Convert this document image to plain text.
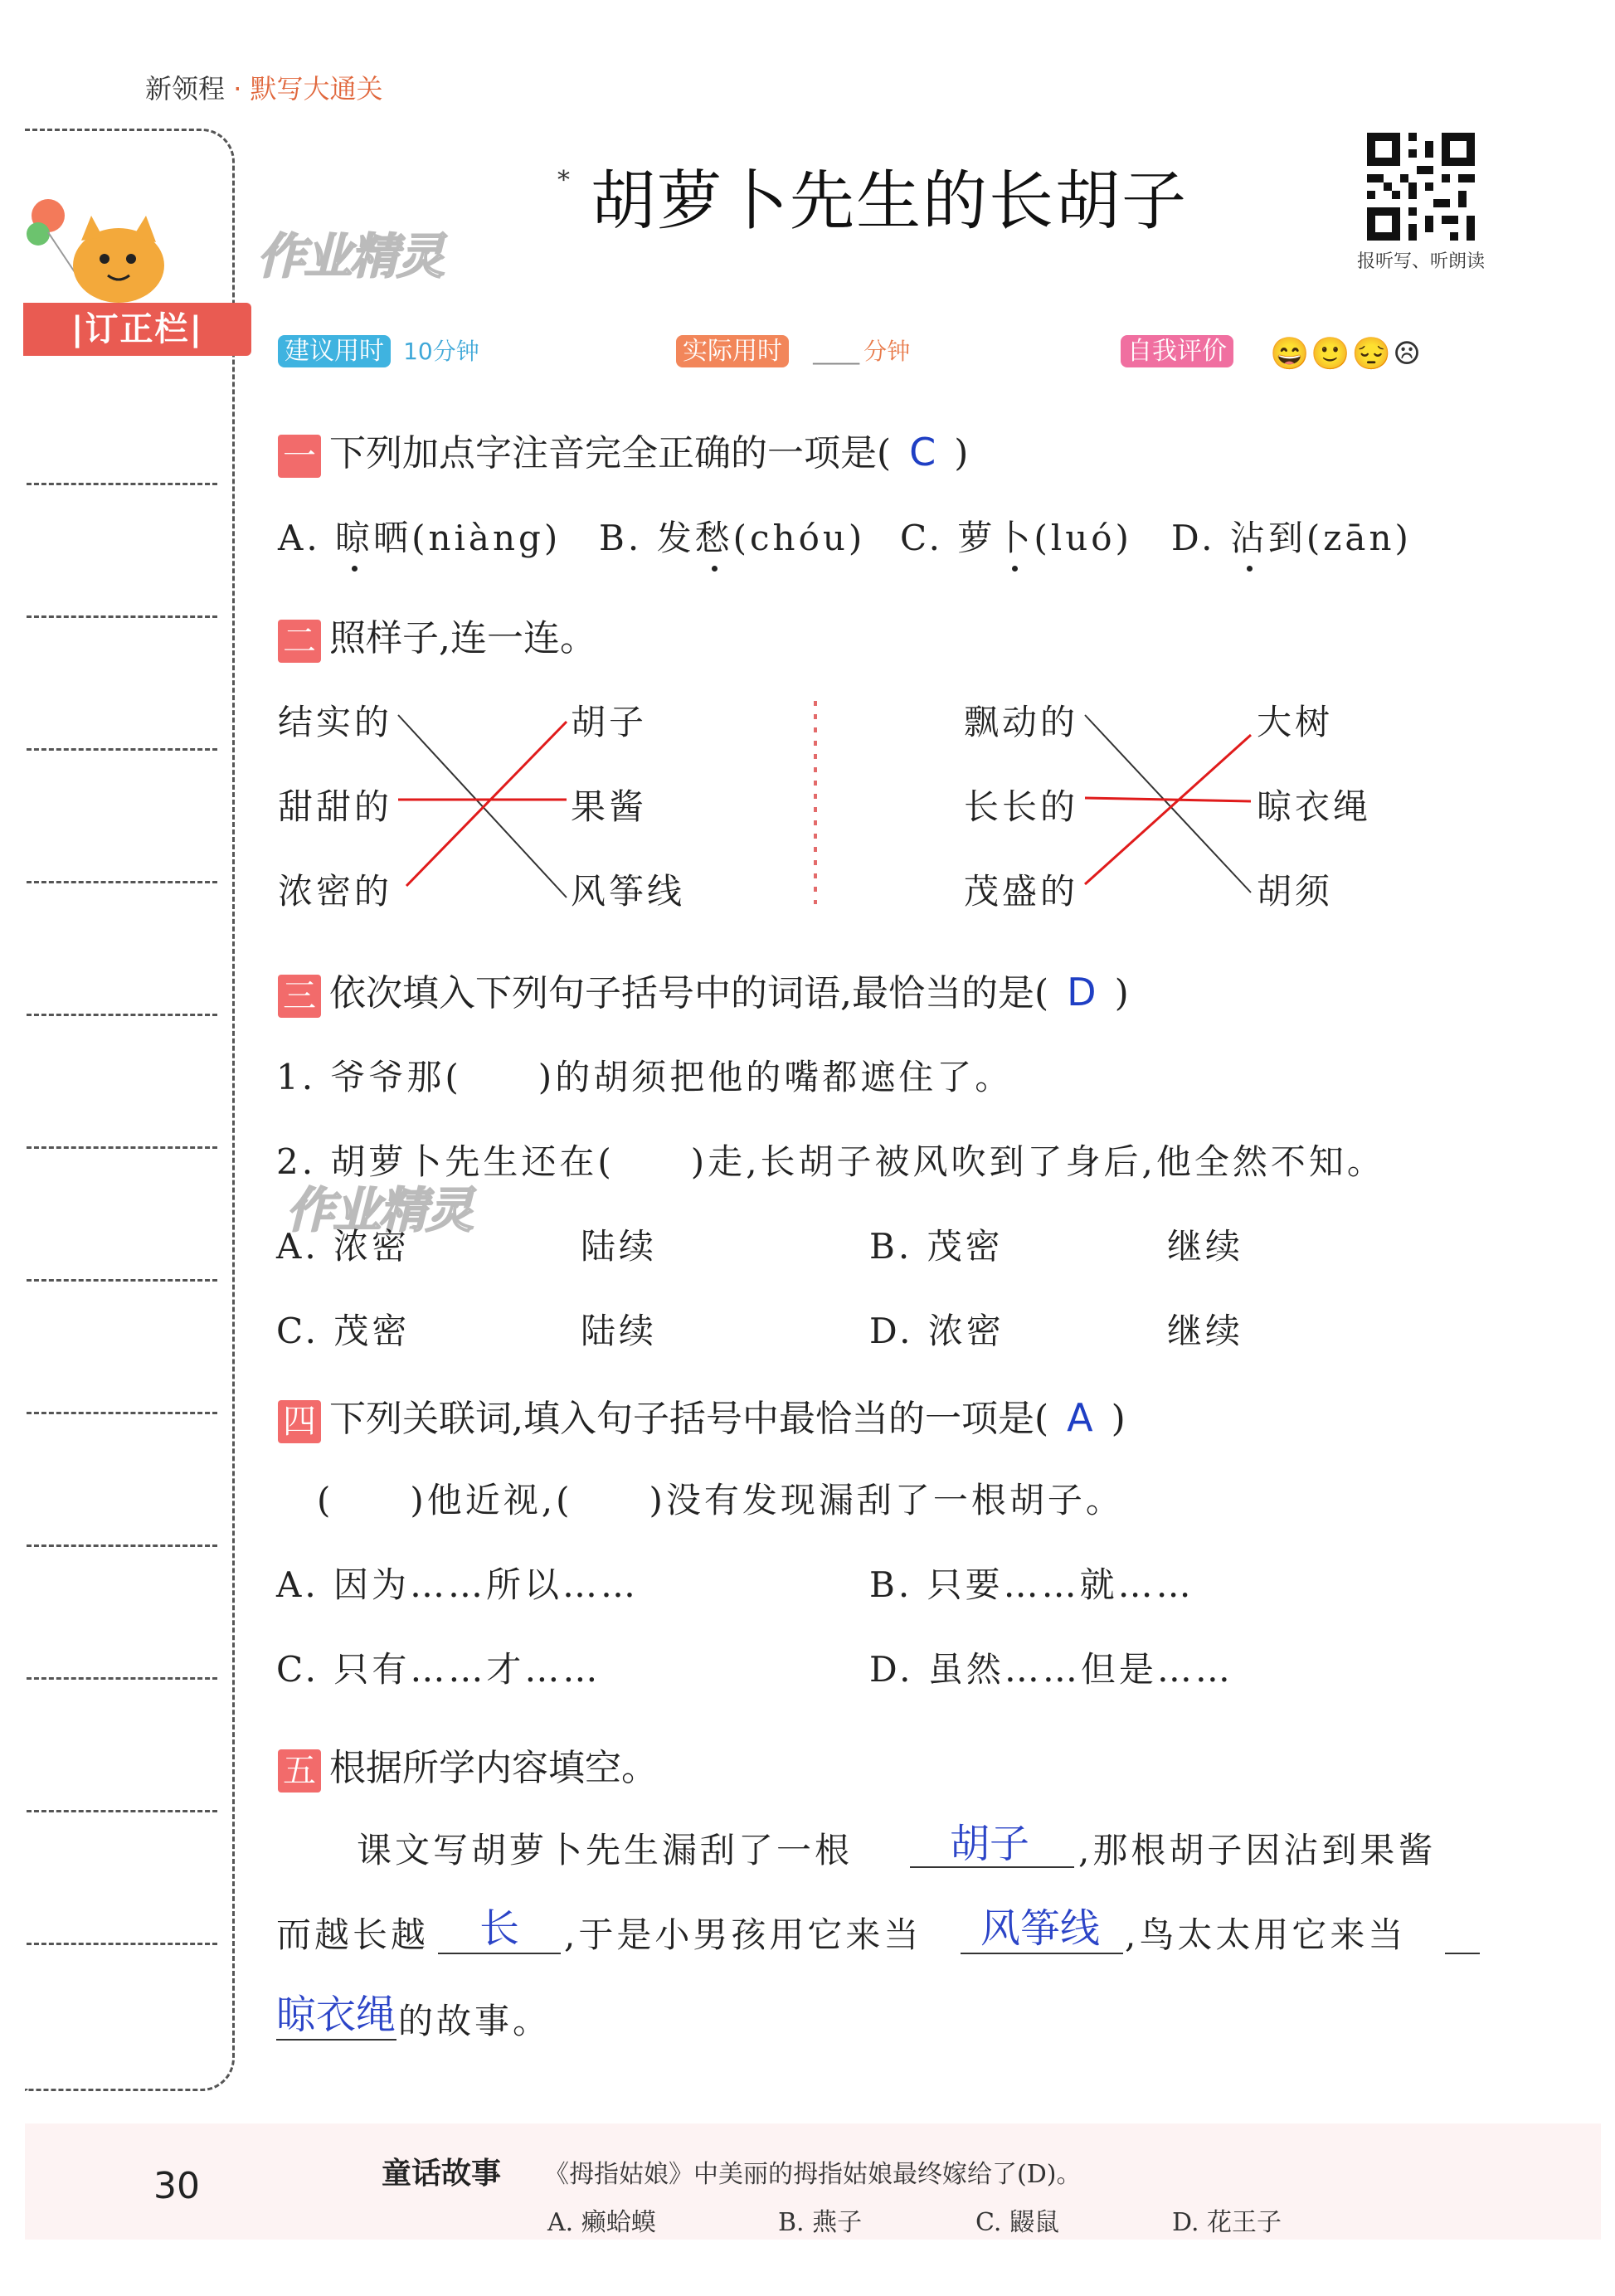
新领程 · 默写大通关
作业精灵
|订正栏|
* 胡萝卜先生的长胡子
报听写、听朗读
建议用时 10分钟	实际用时 ____ 分钟	自我评价 😄🙂😔☹
一 下列加点字注音完全正确的一项是( C )
A. 晾晒(niàng) B. 发愁(chóu) C. 萝卜(luó) D. 沾到(zān)
二 照样子,连一连。
结实的
甜甜的
浓密的
胡子
果酱
风筝线
飘动的
长长的
茂盛的
大树
晾衣绳
胡须
三 依次填入下列句子括号中的词语,最恰当的是( D )
1. 爷爷那(　　)的胡须把他的嘴都遮住了。
2. 胡萝卜先生还在(　　)走,长胡子被风吹到了身后,他全然不知。
作业精灵
A. 浓密	陆续	B. 茂密	继续
C. 茂密	陆续	D. 浓密	继续
四 下列关联词,填入句子括号中最恰当的一项是( A )
(　　)他近视,(　　)没有发现漏刮了一根胡子。
A. 因为……所以……	B. 只要……就……
C. 只有……才……	D. 虽然……但是……
五 根据所学内容填空。
课文写胡萝卜先生漏刮了一根 胡子 ,那根胡子因沾到果酱
而越长越 长 ,于是小男孩用它来当 风筝线 ,鸟太太用它来当
晾衣绳 的故事。
30	童话故事 《拇指姑娘》中美丽的拇指姑娘最终嫁给了(D)。
A. 癞蛤蟆	B. 燕子	C. 鼹鼠	D. 花王子
